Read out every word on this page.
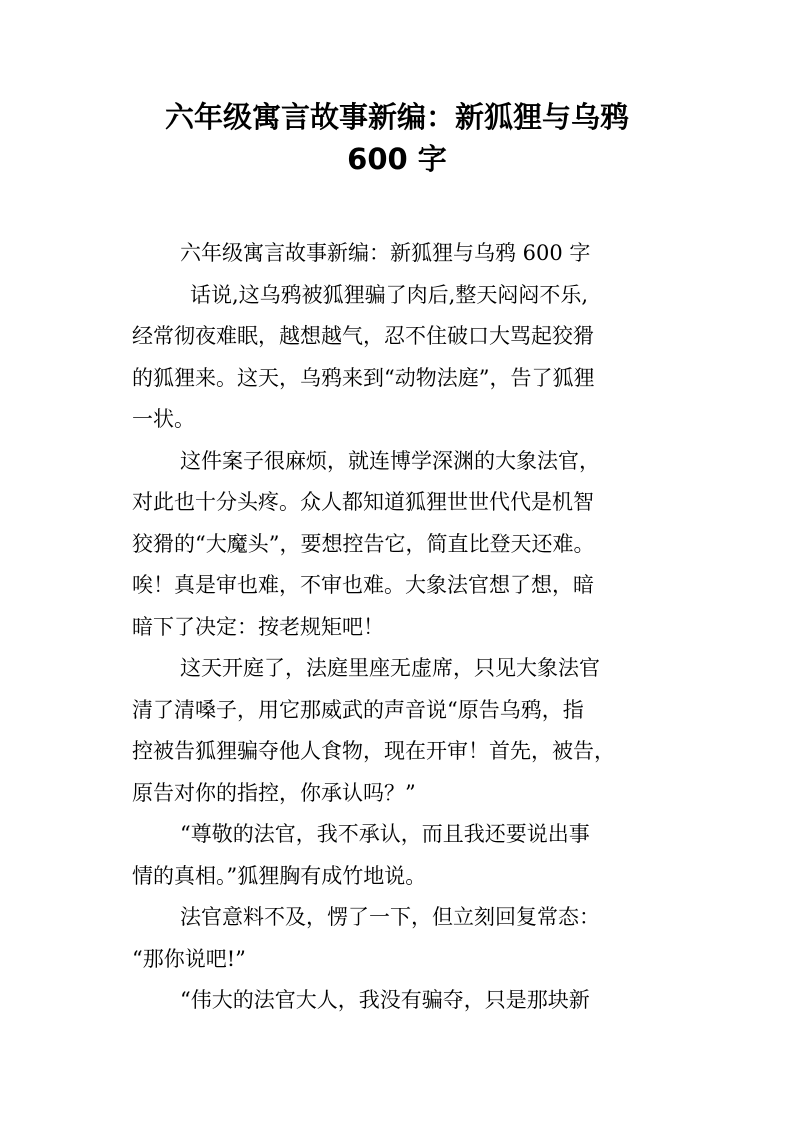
六年级寓言故事新编：新狐狸与乌鸦
600 字
六年级寓言故事新编：新狐狸与乌鸦 600 字
话说,这乌鸦被狐狸骗了肉后,整天闷闷不乐,
经常彻夜难眠，越想越气，忍不住破口大骂起狡猾
的狐狸来。这天，乌鸦来到“动物法庭”，告了狐狸
一状。
这件案子很麻烦，就连博学深渊的大象法官，
对此也十分头疼。众人都知道狐狸世世代代是机智
狡猾的“大魔头”，要想控告它，简直比登天还难。
唉！真是审也难，不审也难。大象法官想了想，暗
暗下了决定：按老规矩吧！
这天开庭了，法庭里座无虚席，只见大象法官
清了清嗓子，用它那威武的声音说“原告乌鸦，指
控被告狐狸骗夺他人食物，现在开审！首先，被告，
原告对你的指控，你承认吗？”
“尊敬的法官，我不承认，而且我还要说出事
情的真相。”狐狸胸有成竹地说。
法官意料不及，愣了一下，但立刻回复常态：
“那你说吧!”
“伟大的法官大人，我没有骗夺，只是那块新
